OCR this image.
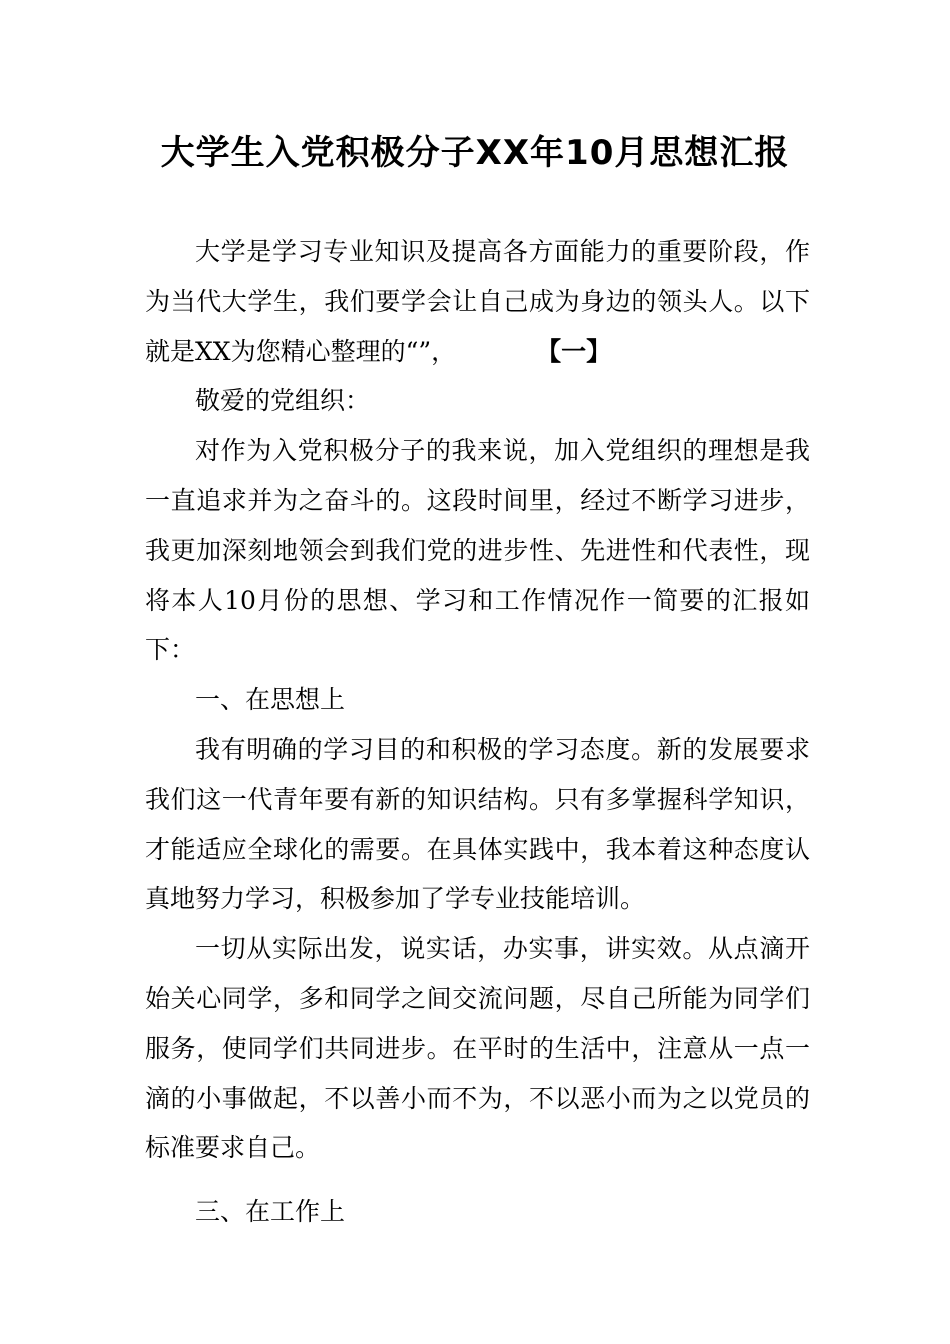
大学生入党积极分子XX年10月思想汇报

大学是学习专业知识及提高各方面能力的重要阶段，作为当代大学生，我们要学会让自己成为身边的领头人。以下就是XX为您精心整理的“”，	【一】

敬爱的党组织：

对作为入党积极分子的我来说，加入党组织的理想是我一直追求并为之奋斗的。这段时间里，经过不断学习进步，我更加深刻地领会到我们党的进步性、先进性和代表性，现将本人10月份的思想、学习和工作情况作一简要的汇报如下：

一、在思想上

我有明确的学习目的和积极的学习态度。新的发展要求我们这一代青年要有新的知识结构。只有多掌握科学知识，才能适应全球化的需要。在具体实践中，我本着这种态度认真地努力学习，积极参加了学专业技能培训。

一切从实际出发，说实话，办实事，讲实效。从点滴开始关心同学，多和同学之间交流问题，尽自己所能为同学们服务，使同学们共同进步。在平时的生活中，注意从一点一滴的小事做起，不以善小而不为，不以恶小而为之以党员的标准要求自己。

三、在工作上
